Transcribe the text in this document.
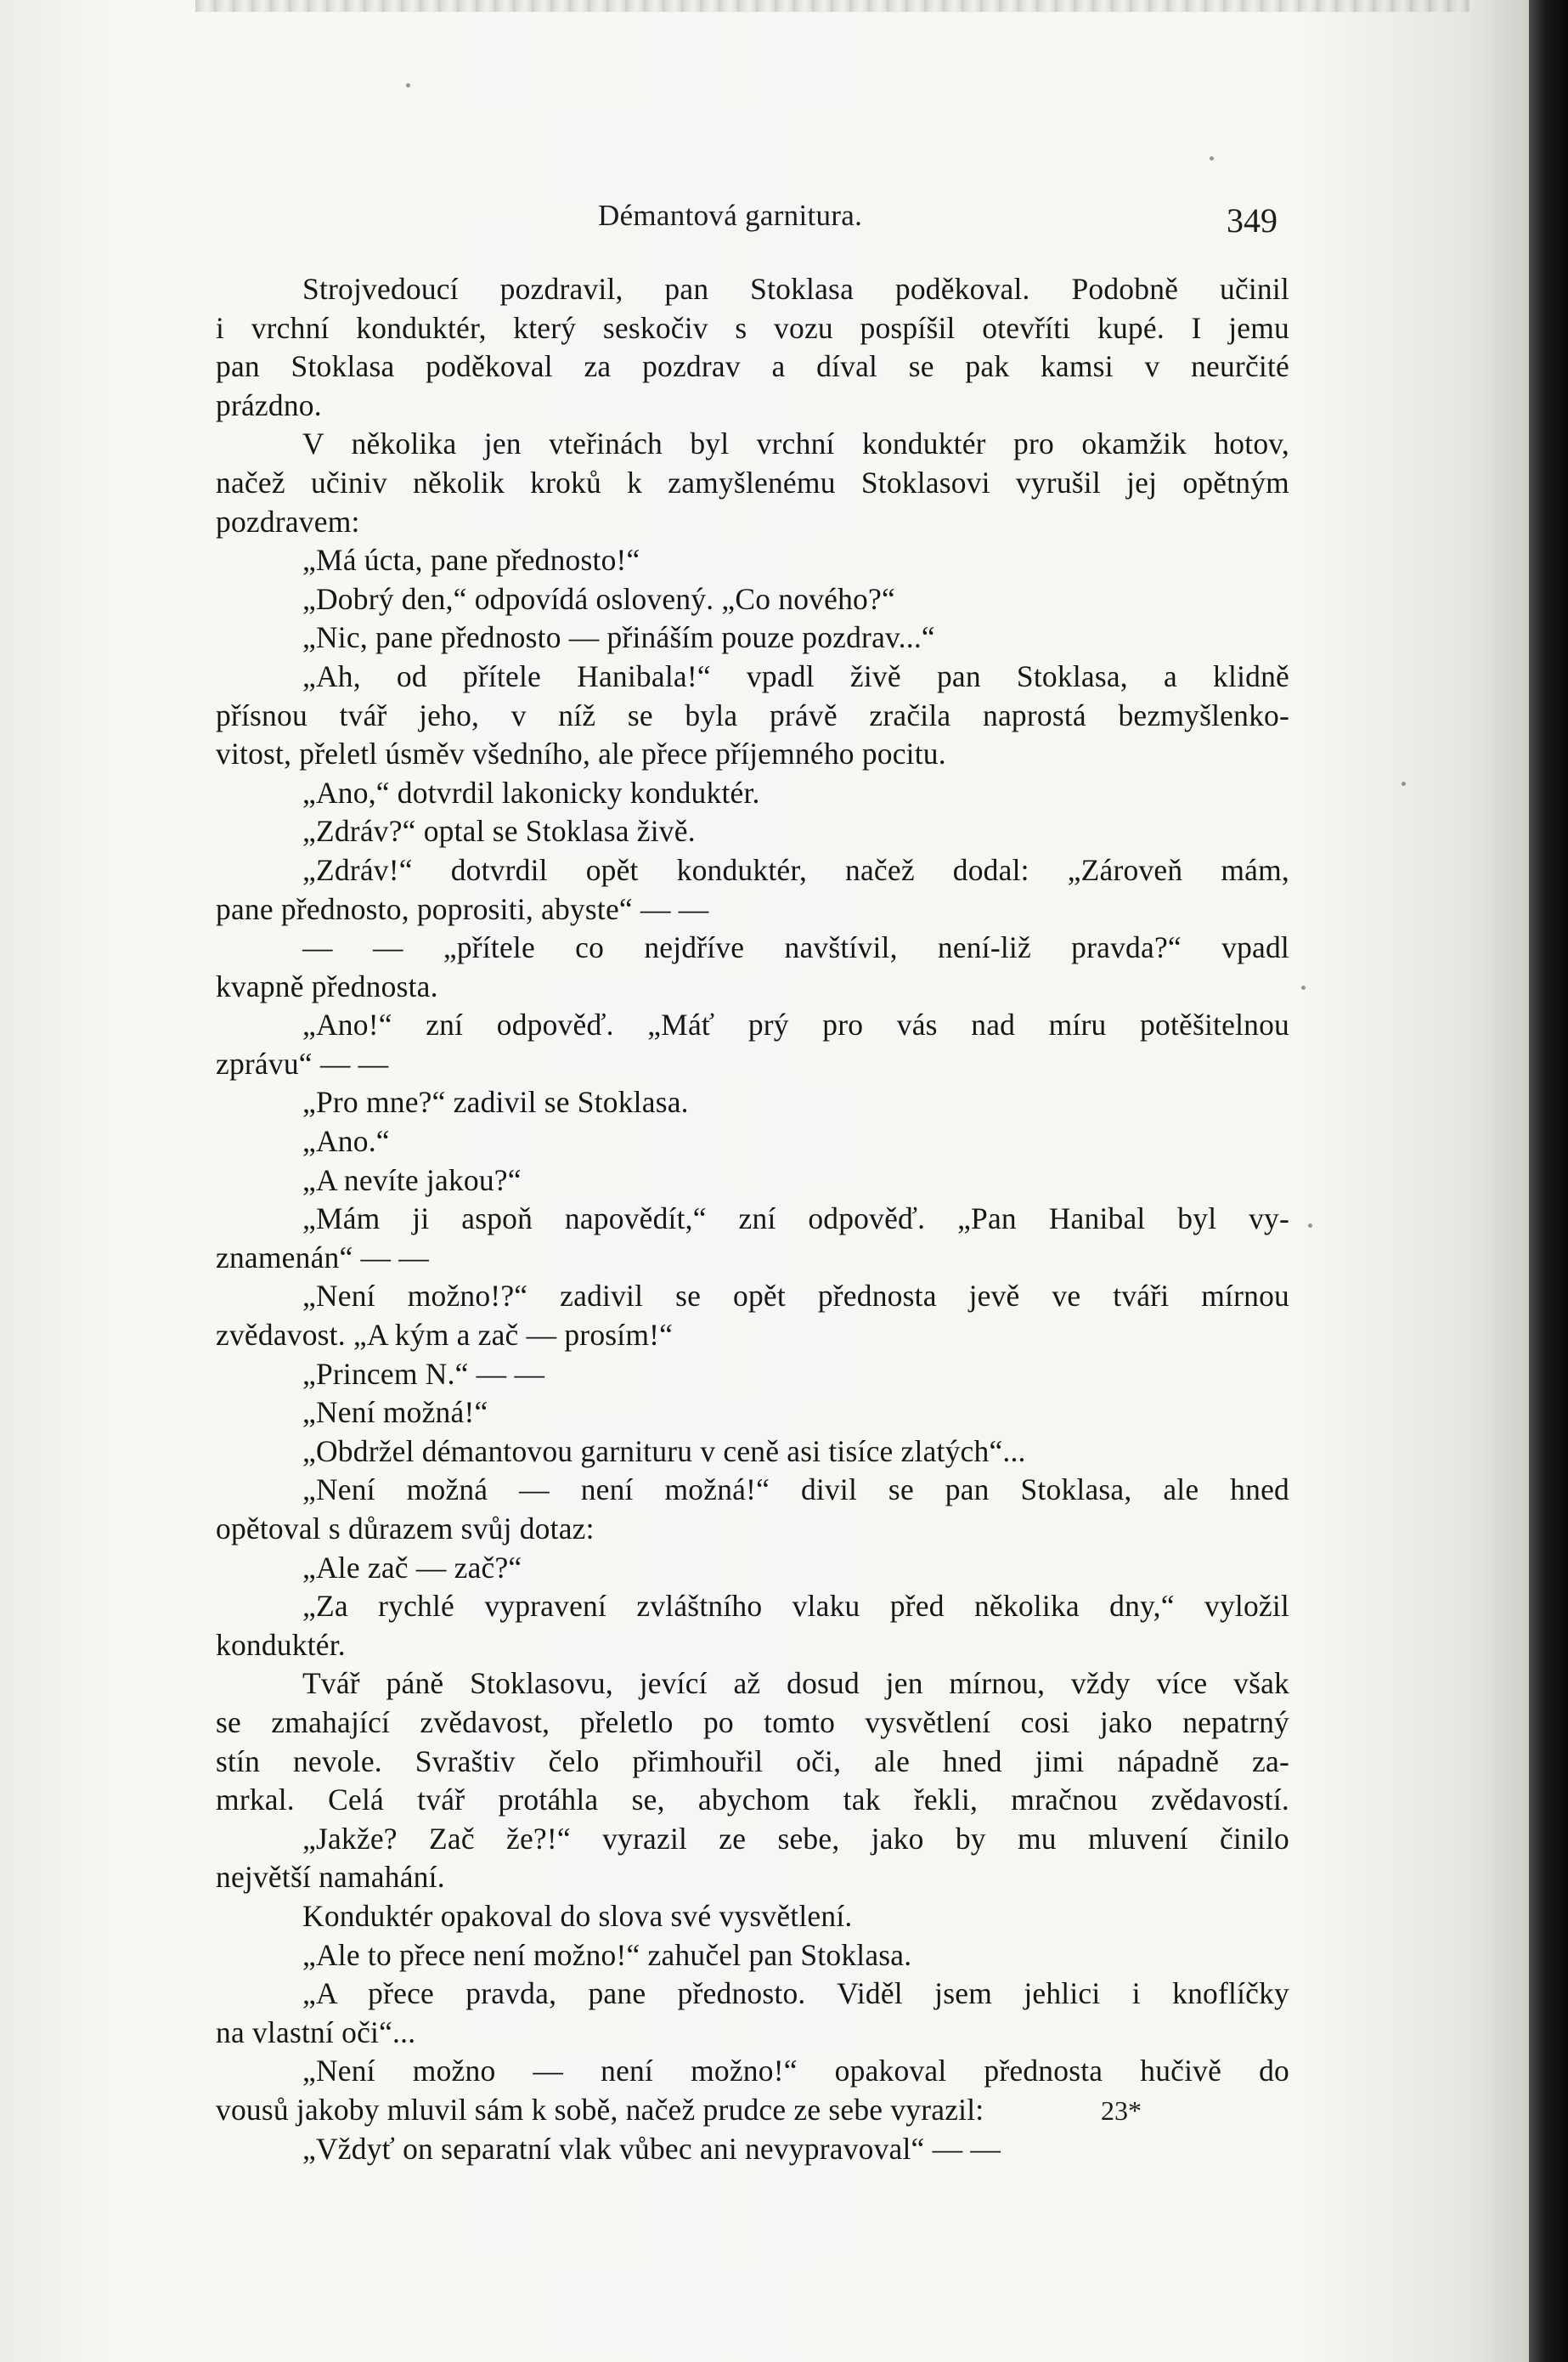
Démantová garnitura.	349
Strojvedoucí pozdravil, pan Stoklasa poděkoval. Podobně učinil
i vrchní konduktér, který seskočiv s vozu pospíšil otevříti kupé. I jemu
pan Stoklasa poděkoval za pozdrav a díval se pak kamsi v neurčité
prázdno.
V několika jen vteřinách byl vrchní konduktér pro okamžik hotov,
načež učiniv několik kroků k zamyšlenému Stoklasovi vyrušil jej opětným
pozdravem:
„Má úcta, pane přednosto!“
„Dobrý den,“ odpovídá oslovený. „Co nového?“
„Nic, pane přednosto — přináším pouze pozdrav...“
„Ah, od přítele Hanibala!“ vpadl živě pan Stoklasa, a klidně
přísnou tvář jeho, v níž se byla právě zračila naprostá bezmyšlenko-
vitost, přeletl úsměv všedního, ale přece příjemného pocitu.
„Ano,“ dotvrdil lakonicky konduktér.
„Zdráv?“ optal se Stoklasa živě.
„Zdráv!“ dotvrdil opět konduktér, načež dodal: „Zároveň mám,
pane přednosto, poprositi, abyste“ — —
— — „přítele co nejdříve navštívil, není-liž pravda?“ vpadl
kvapně přednosta.
„Ano!“ zní odpověď. „Máť prý pro vás nad míru potěšitelnou
zprávu“ — —
„Pro mne?“ zadivil se Stoklasa.
„Ano.“
„A nevíte jakou?“
„Mám ji aspoň napovědít,“ zní odpověď. „Pan Hanibal byl vy-
znamenán“ — —
„Není možno!?“ zadivil se opět přednosta jevě ve tváři mírnou
zvědavost. „A kým a zač — prosím!“
„Princem N.“ — —
„Není možná!“
„Obdržel démantovou garnituru v ceně asi tisíce zlatých“...
„Není možná — není možná!“ divil se pan Stoklasa, ale hned
opětoval s důrazem svůj dotaz:
„Ale zač — zač?“
„Za rychlé vypravení zvláštního vlaku před několika dny,“ vyložil
konduktér.
Tvář páně Stoklasovu, jevící až dosud jen mírnou, vždy více však
se zmahající zvědavost, přeletlo po tomto vysvětlení cosi jako nepatrný
stín nevole. Svraštiv čelo přimhouřil oči, ale hned jimi nápadně za-
mrkal. Celá tvář protáhla se, abychom tak řekli, mračnou zvědavostí.
„Jakže? Zač že?!“ vyrazil ze sebe, jako by mu mluvení činilo
největší namahání.
Konduktér opakoval do slova své vysvětlení.
„Ale to přece není možno!“ zahučel pan Stoklasa.
„A přece pravda, pane přednosto. Viděl jsem jehlici i knoflíčky
na vlastní oči“...
„Není možno — není možno!“ opakoval přednosta hučivě do
vousů jakoby mluvil sám k sobě, načež prudce ze sebe vyrazil:
„Vždyť on separatní vlak vůbec ani nevypravoval“ — —
23*
